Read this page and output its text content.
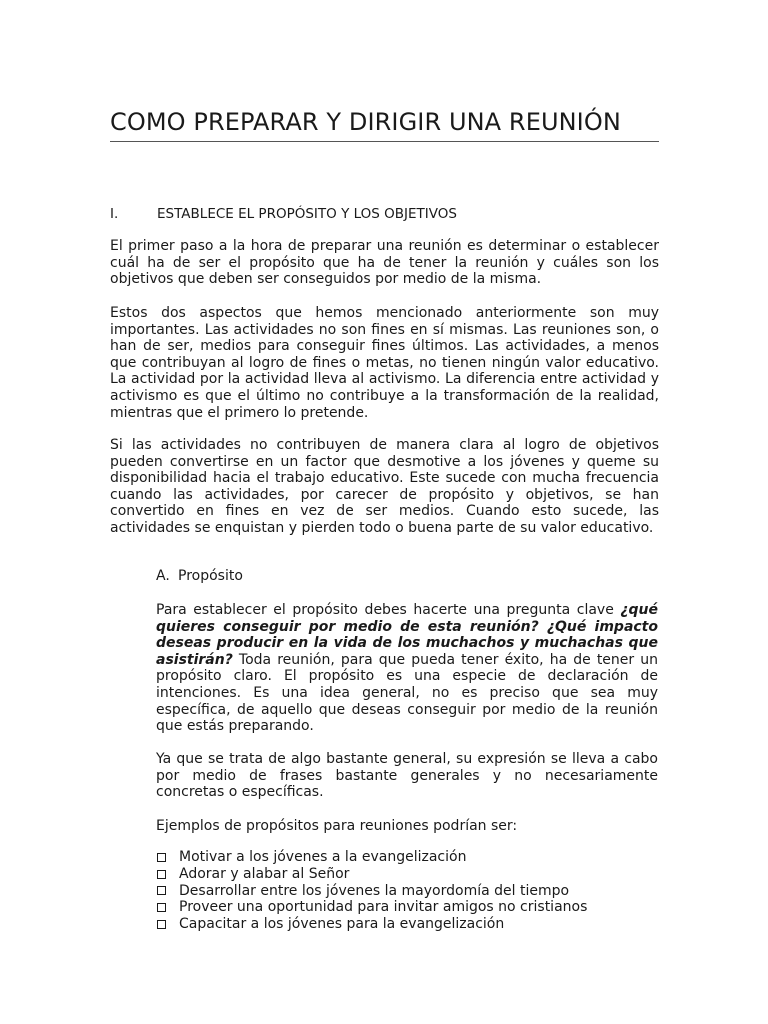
COMO PREPARAR Y DIRIGIR UNA REUNIÓN
I.	ESTABLECE EL PROPÓSITO Y LOS OBJETIVOS

El primer paso a la hora de preparar una reunión es determinar o establecer cuál ha de ser el propósito que ha de tener la reunión y cuáles son los objetivos que deben ser conseguidos por medio de la misma.

Estos dos aspectos que hemos mencionado anteriormente son muy importantes. Las actividades no son fines en sí mismas. Las reuniones son, o han de ser, medios para conseguir fines últimos. Las actividades, a menos que contribuyan al logro de fines o metas, no tienen ningún valor educativo. La actividad por la actividad lleva al activismo. La diferencia entre actividad y activismo es que el último no contribuye a la transformación de la realidad, mientras que el primero lo pretende.

Si las actividades no contribuyen de manera clara al logro de objetivos pueden convertirse en un factor que desmotive a los jóvenes y queme su disponibilidad hacia el trabajo educativo. Este sucede con mucha frecuencia cuando las actividades, por carecer de propósito y objetivos, se han convertido en fines en vez de ser medios. Cuando esto sucede, las actividades se enquistan y pierden todo o buena parte de su valor educativo.

A. Propósito

Para establecer el propósito debes hacerte una pregunta clave ¿qué quieres conseguir por medio de esta reunión? ¿Qué impacto deseas producir en la vida de los muchachos y muchachas que asistirán? Toda reunión, para que pueda tener éxito, ha de tener un propósito claro. El propósito es una especie de declaración de intenciones. Es una idea general, no es preciso que sea muy específica, de aquello que deseas conseguir por medio de la reunión que estás preparando.

Ya que se trata de algo bastante general, su expresión se lleva a cabo por medio de frases bastante generales y no necesariamente concretas o específicas.

Ejemplos de propósitos para reuniones podrían ser:

Motivar a los jóvenes a la evangelización
Adorar y alabar al Señor
Desarrollar entre los jóvenes la mayordomía del tiempo
Proveer una oportunidad para invitar amigos no cristianos
Capacitar a los jóvenes para la evangelización
